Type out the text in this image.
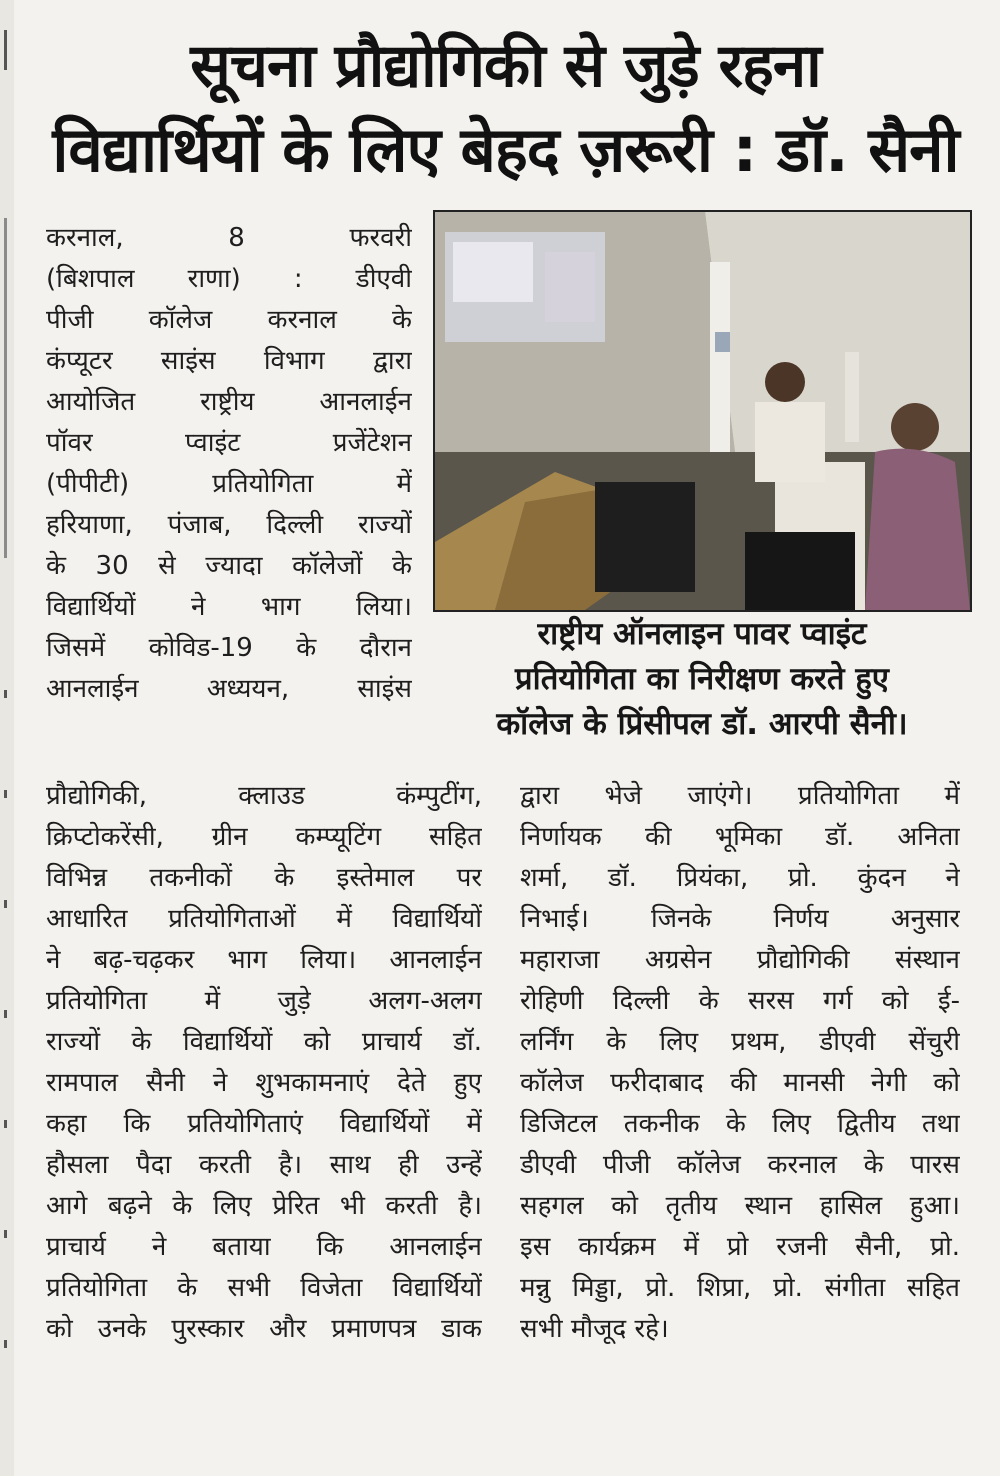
सूचना प्रौद्योगिकी से जुड़े रहना
विद्यार्थियों के लिए बेहद ज़रूरी : डॉ. सैनी
करनाल, 8 फरवरी
(बिशपाल राणा) : डीएवी
पीजी कॉलेज करनाल के
कंप्यूटर साइंस विभाग द्वारा
आयोजित राष्ट्रीय आनलाईन
पॉवर प्वाइंट प्रजेंटेशन
(पीपीटी) प्रतियोगिता में
हरियाणा, पंजाब, दिल्ली राज्यों
के 30 से ज्यादा कॉलेजों के
विद्यार्थियों ने भाग लिया।
जिसमें कोविड-19 के दौरान
आनलाईन अध्ययन, साइंस
राष्ट्रीय ऑनलाइन पावर प्वाइंट
प्रतियोगिता का निरीक्षण करते हुए
कॉलेज के प्रिंसीपल डॉ. आरपी सैनी।
प्रौद्योगिकी, क्लाउड कंम्पुटींग,
क्रिप्टोकरेंसी, ग्रीन कम्प्यूटिंग सहित
विभिन्न तकनीकों के इस्तेमाल पर
आधारित प्रतियोगिताओं में विद्यार्थियों
ने बढ़-चढ़कर भाग लिया। आनलाईन
प्रतियोगिता में जुड़े अलग-अलग
राज्यों के विद्यार्थियों को प्राचार्य डॉ.
रामपाल सैनी ने शुभकामनाएं देते हुए
कहा कि प्रतियोगिताएं विद्यार्थियों में
हौसला पैदा करती है। साथ ही उन्हें
आगे बढ़ने के लिए प्रेरित भी करती है।
प्राचार्य ने बताया कि आनलाईन
प्रतियोगिता के सभी विजेता विद्यार्थियों
को उनके पुरस्कार और प्रमाणपत्र डाक
द्वारा भेजे जाएंगे। प्रतियोगिता में
निर्णायक की भूमिका डॉ. अनिता
शर्मा, डॉ. प्रियंका, प्रो. कुंदन ने
निभाई। जिनके निर्णय अनुसार
महाराजा अग्रसेन प्रौद्योगिकी संस्थान
रोहिणी दिल्ली के सरस गर्ग को ई-
लर्निंग के लिए प्रथम, डीएवी सेंचुरी
कॉलेज फरीदाबाद की मानसी नेगी को
डिजिटल तकनीक के लिए द्वितीय तथा
डीएवी पीजी कॉलेज करनाल के पारस
सहगल को तृतीय स्थान हासिल हुआ।
इस कार्यक्रम में प्रो रजनी सैनी, प्रो.
मन्नु मिड्डा, प्रो. शिप्रा, प्रो. संगीता सहित
सभी मौजूद रहे।
